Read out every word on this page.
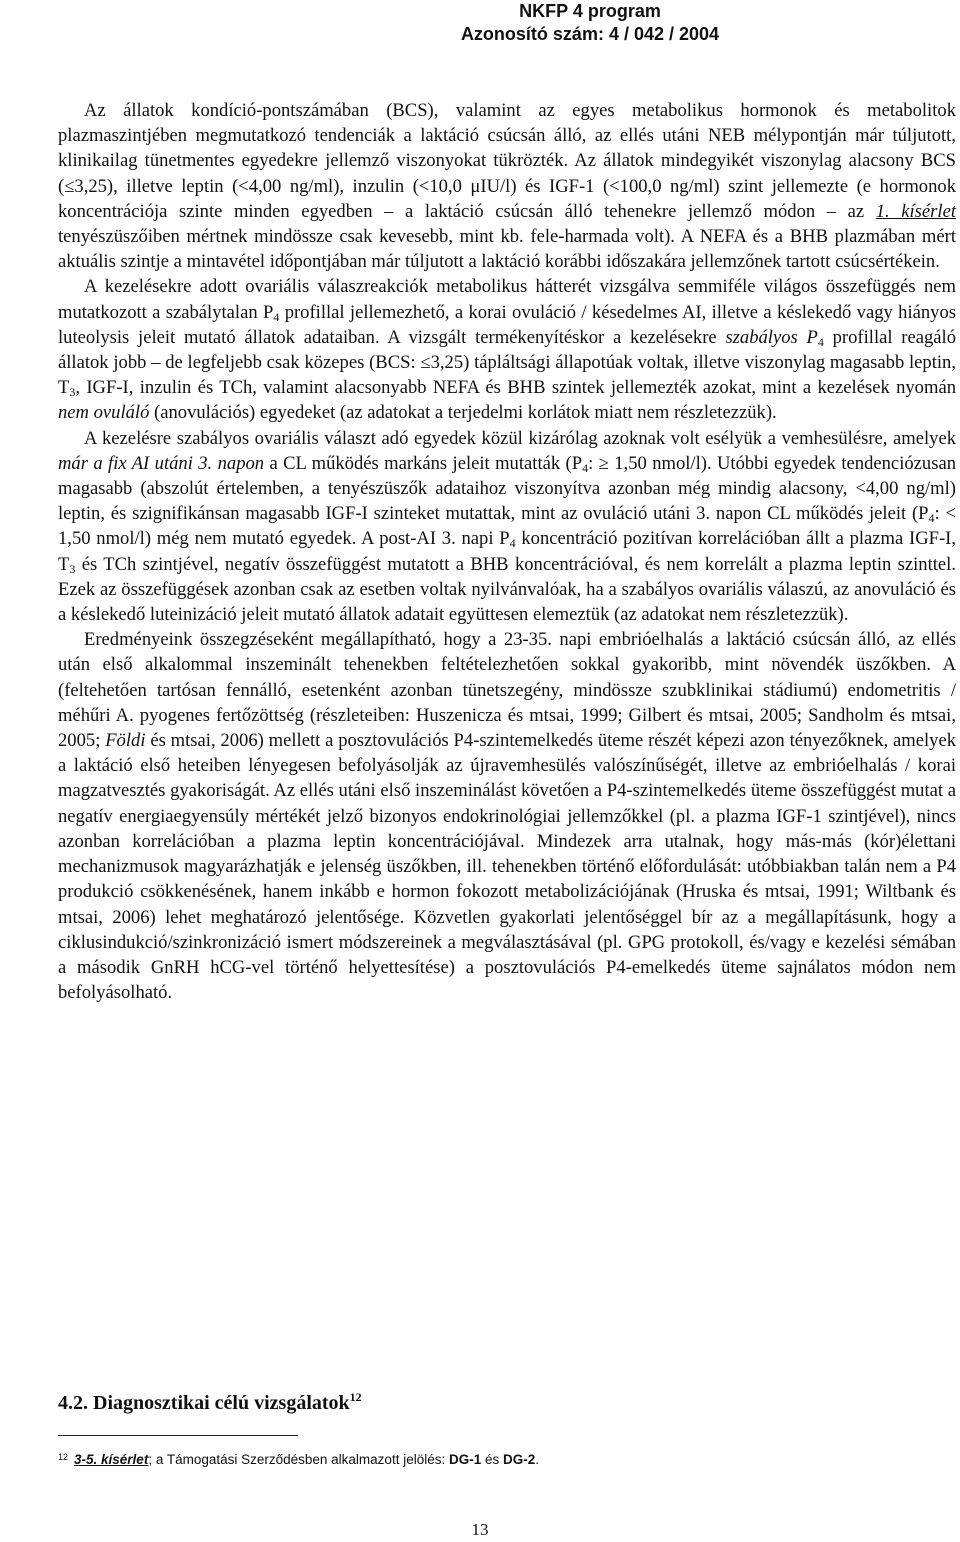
NKFP 4 program
Azonosító szám: 4 / 042 / 2004

Az állatok kondíció-pontszámában (BCS), valamint az egyes metabolikus hormonok és metabolitok plazmaszintjében megmutatkozó tendenciák a laktáció csúcsán álló, az ellés utáni NEB mélypontján már túljutott, klinikailag tünetmentes egyedekre jellemző viszonyokat tükrözték. Az állatok mindegyikét viszonylag alacsony BCS (≤3,25), illetve leptin (<4,00 ng/ml), inzulin (<10,0 μIU/l) és IGF-1 (<100,0 ng/ml) szint jellemezte (e hormonok koncentrációja szinte minden egyedben – a laktáció csúcsán álló tehenekre jellemző módon – az 1. kísérlet tenyészüszőiben mértnek mindössze csak kevesebb, mint kb. fele-harmada volt). A NEFA és a BHB plazmában mért aktuális szintje a mintavétel időpontjában már túljutott a laktáció korábbi időszakára jellemzőnek tartott csúcsértékein.

A kezelésekre adott ovariális válaszreakciók metabolikus hátterét vizsgálva semmiféle világos összefüggés nem mutatkozott a szabálytalan $P_4$ profillal jellemezhető, a korai ovuláció / késedelmes AI, illetve a késlekedő vagy hiányos luteolysis jeleit mutató állatok adataiban. A vizsgált termékenyítéskor a kezelésekre szabályos $P_4$ profillal reagáló állatok jobb – de legfeljebb csak közepes (BCS: ≤3,25) tápláltsági állapotúak voltak, illetve viszonylag magasabb leptin, $T_3$, IGF-I, inzulin és TCh, valamint alacsonyabb NEFA és BHB szintek jellemezték azokat, mint a kezelések nyomán nem ovuláló (anovulációs) egyedeket (az adatokat a terjedelmi korlátok miatt nem részletezzük).

A kezelésre szabályos ovariális választ adó egyedek közül kizárólag azoknak volt esélyük a vemhesülésre, amelyek már a fix AI utáni 3. napon a CL működés markáns jeleit mutatták ($P_4$: ≥ 1,50 nmol/l). Utóbbi egyedek tendenciózusan magasabb (abszolút értelemben, a tenyészüszők adataihoz viszonyítva azonban még mindig alacsony, <4,00 ng/ml) leptin, és szignifikánsan magasabb IGF-I szinteket mutattak, mint az ovuláció utáni 3. napon CL működés jeleit ($P_4$: < 1,50 nmol/l) még nem mutató egyedek. A post-AI 3. napi $P_4$ koncentráció pozitívan korrelációban állt a plazma IGF-I, $T_3$ és TCh szintjével, negatív összefüggést mutatott a BHB koncentrációval, és nem korrelált a plazma leptin szinttel. Ezek az összefüggések azonban csak az esetben voltak nyilvánvalóak, ha a szabályos ovariális válaszú, az anovuláció és a késlekedő luteinizáció jeleit mutató állatok adatait együttesen elemeztük (az adatokat nem részletezzük).

Eredményeink összegzéseként megállapítható, hogy a 23-35. napi embrióelhalás a laktáció csúcsán álló, az ellés után első alkalommal inszeminált tehenekben feltételezhetően sokkal gyakoribb, mint növendék üszőkben. A (feltehetően tartósan fennálló, esetenként azonban tünetszegény, mindössze szubklinikai stádiumú) endometritis / méhűri A. pyogenes fertőzöttség (részleteiben: Huszenicza és mtsai, 1999; Gilbert és mtsai, 2005; Sandholm és mtsai, 2005; Földi és mtsai, 2006) mellett a posztovulációs P4-szintemelkedés üteme részét képezi azon tényezőknek, amelyek a laktáció első heteiben lényegesen befolyásolják az újravemhesülés valószínűségét, illetve az embrióelhalás / korai magzatvesztés gyakoriságát. Az ellés utáni első inszeminálást követően a P4-szintemelkedés üteme összefüggést mutat a negatív energiaegyensúly mértékét jelző bizonyos endokrinológiai jellemzőkkel (pl. a plazma IGF-1 szintjével), nincs azonban korrelációban a plazma leptin koncentrációjával. Mindezek arra utalnak, hogy más-más (kór)élettani mechanizmusok magyarázhatják e jelenség üszőkben, ill. tehenekben történő előfordulását: utóbbiakban talán nem a P4 produkció csökkenésének, hanem inkább e hormon fokozott metabolizációjának (Hruska és mtsai, 1991; Wiltbank és mtsai, 2006) lehet meghatározó jelentősége. Közvetlen gyakorlati jelentőséggel bír az a megállapításunk, hogy a ciklusindukció/szinkronizáció ismert módszereinek a megválasztásával (pl. GPG protokoll, és/vagy e kezelési sémában a második GnRH hCG-vel történő helyettesítése) a posztovulációs P4-emelkedés üteme sajnálatos módon nem befolyásolható.

4.2. Diagnosztikai célú vizsgálatok$^{12}$
$^{12}$ 3-5. kísérlet; a Támogatási Szerződésben alkalmazott jelölés: DG-1 és DG-2.
13
